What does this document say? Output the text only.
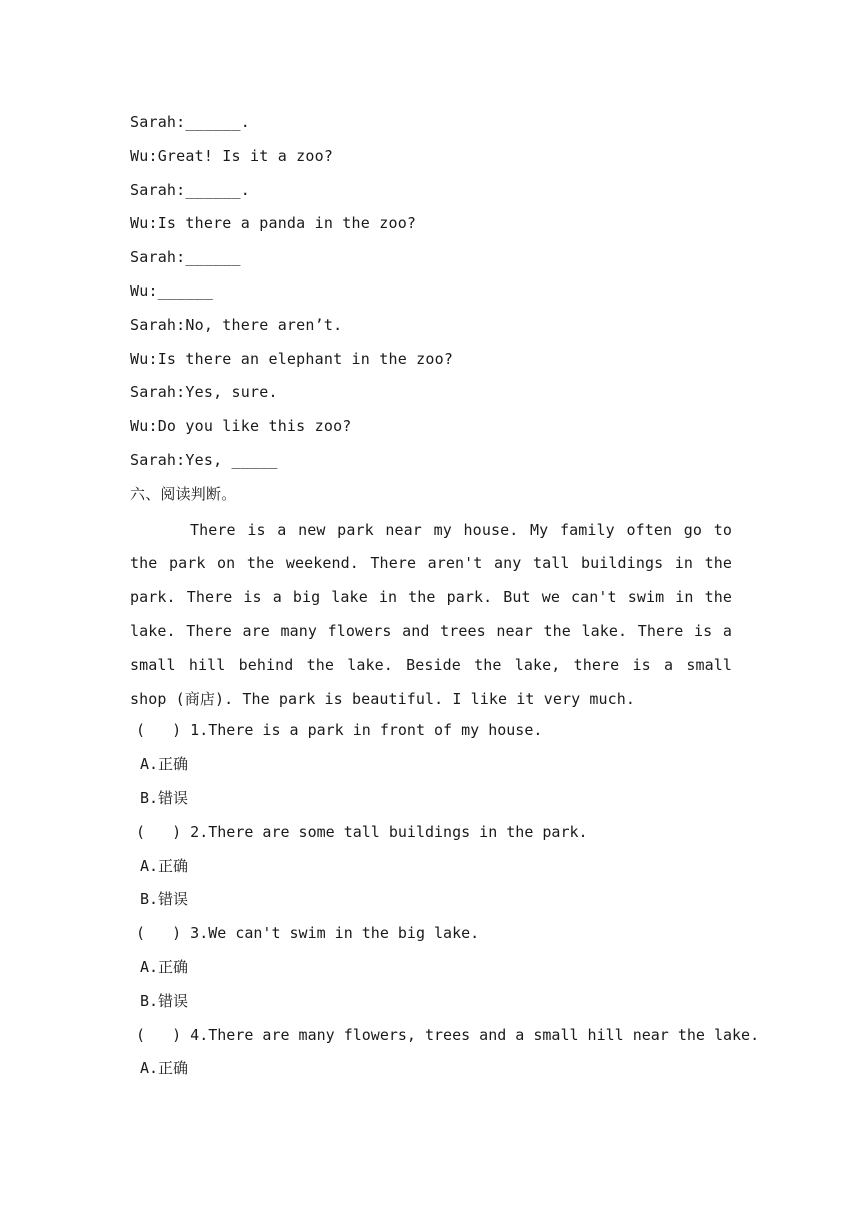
Sarah:______.
Wu:Great! Is it a zoo?
Sarah:______.
Wu:Is there a panda in the zoo?
Sarah:______
Wu:______
Sarah:No, there aren’t.
Wu:Is there an elephant in the zoo?
Sarah:Yes, sure.
Wu:Do you like this zoo?
Sarah:Yes, _____
六、阅读判断。
There is a new park near my house. My family often go to the park on the weekend. There aren't any tall buildings in the park. There is a big lake in the park. But we can't swim in the lake. There are many flowers and trees near the lake. There is a small hill behind the lake. Beside the lake, there is a small shop (商店). The park is beautiful. I like it very much.
(   ) 1.There is a park in front of my house.
A.正确
B.错误
(   ) 2.There are some tall buildings in the park.
A.正确
B.错误
(   ) 3.We can't swim in the big lake.
A.正确
B.错误
(   ) 4.There are many flowers, trees and a small hill near the lake.
A.正确
